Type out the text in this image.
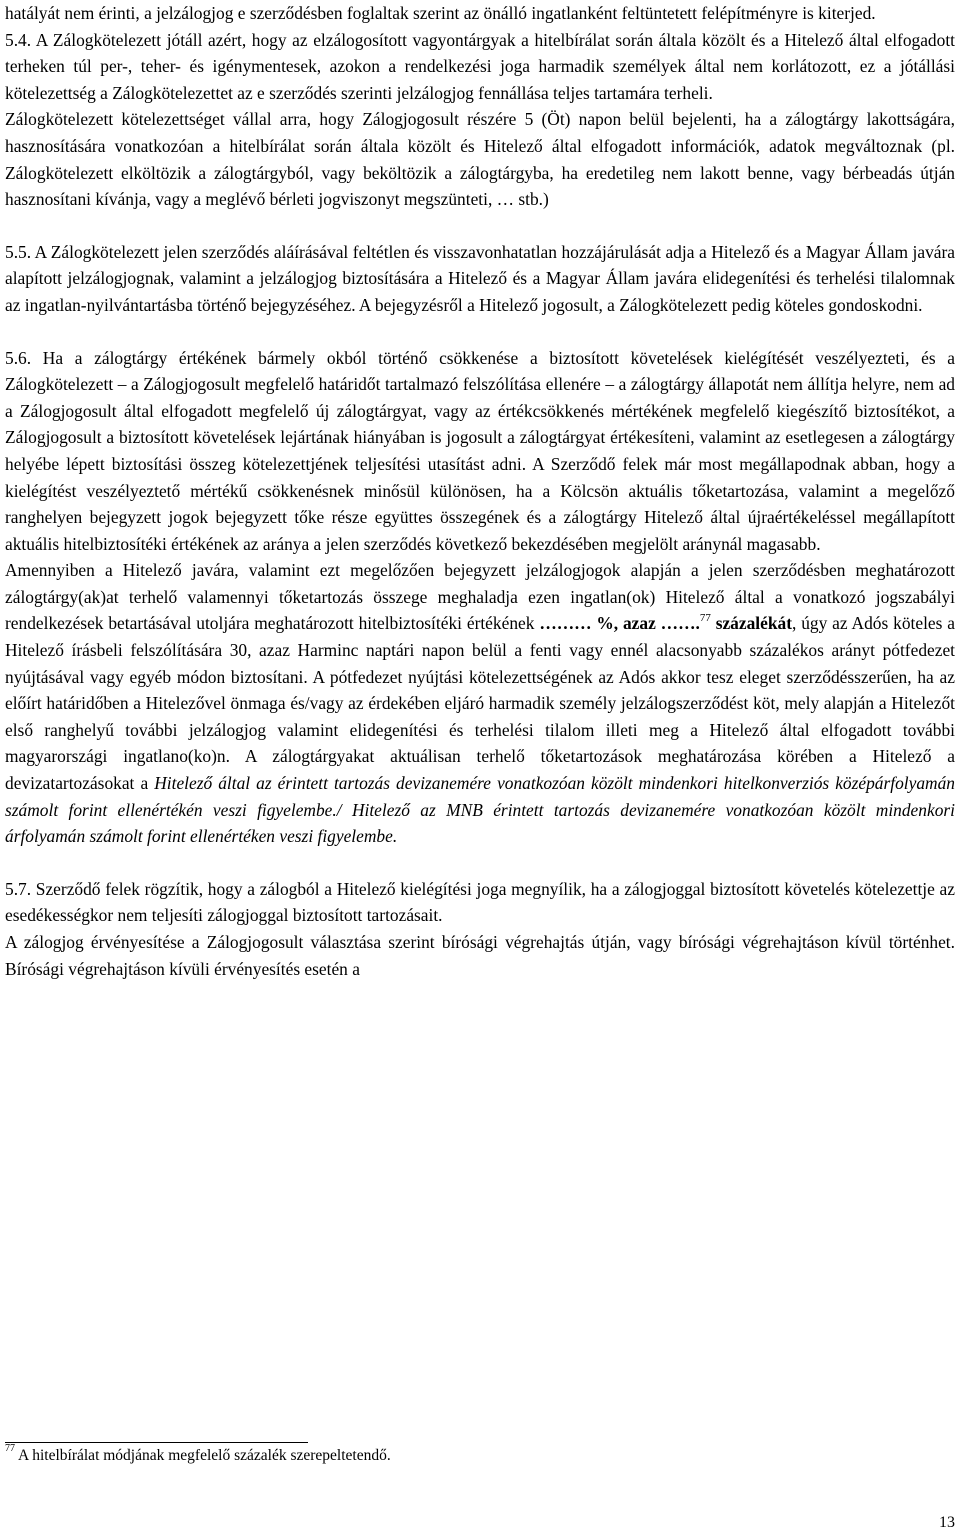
hatályát nem érinti, a jelzálogjog e szerződésben foglaltak szerint az önálló ingatlanként feltüntetett felépítményre is kiterjed.

5.4. A Zálogkötelezett jótáll azért, hogy az elzálogosított vagyontárgyak a hitelbírálat során általa közölt és a Hitelező által elfogadott terheken túl per-, teher- és igénymentesek, azokon a rendelkezési joga harmadik személyek által nem korlátozott, ez a jótállási kötelezettség a Zálogkötelezettet az e szerződés szerinti jelzálogjog fennállása teljes tartamára terheli.

Zálogkötelezett kötelezettséget vállal arra, hogy Zálogjogosult részére 5 (Öt) napon belül bejelenti, ha a zálogtárgy lakottságára, hasznosítására vonatkozóan a hitelbírálat során általa közölt és Hitelező által elfogadott információk, adatok megváltoznak (pl. Zálogkötelezett elköltözik a zálogtárgyból, vagy beköltözik a zálogtárgyba, ha eredetileg nem lakott benne, vagy bérbeadás útján hasznosítani kívánja, vagy a meglévő bérleti jogviszonyt megszünteti, … stb.)

5.5. A Zálogkötelezett jelen szerződés aláírásával feltétlen és visszavonhatatlan hozzájárulását adja a Hitelező és a Magyar Állam javára alapított jelzálogjognak, valamint a jelzálogjog biztosítására a Hitelező és a Magyar Állam javára elidegenítési és terhelési tilalomnak az ingatlan-nyilvántartásba történő bejegyzéséhez. A bejegyzésről a Hitelező jogosult, a Zálogkötelezett pedig köteles gondoskodni.

5.6. Ha a zálogtárgy értékének bármely okból történő csökkenése a biztosított követelések kielégítését veszélyezteti, és a Zálogkötelezett – a Zálogjogosult megfelelő határidőt tartalmazó felszólítása ellenére – a zálogtárgy állapotát nem állítja helyre, nem ad a Zálogjogosult által elfogadott megfelelő új zálogtárgyat, vagy az értékcsökkenés mértékének megfelelő kiegészítő biztosítékot, a Zálogjogosult a biztosított követelések lejártának hiányában is jogosult a zálogtárgyat értékesíteni, valamint az esetlegesen a zálogtárgy helyébe lépett biztosítási összeg kötelezettjének teljesítési utasítást adni. A Szerződő felek már most megállapodnak abban, hogy a kielégítést veszélyeztető mértékű csökkenésnek minősül különösen, ha a Kölcsön aktuális tőketartozása, valamint a megelőző ranghelyen bejegyzett jogok bejegyzett tőke része együttes összegének és a zálogtárgy Hitelező által újraértékeléssel megállapított aktuális hitelbiztosítéki értékének az aránya a jelen szerződés következő bekezdésében megjelölt aránynál magasabb.

Amennyiben a Hitelező javára, valamint ezt megelőzően bejegyzett jelzálogjogok alapján a jelen szerződésben meghatározott zálogtárgy(ak)at terhelő valamennyi tőketartozás összege meghaladja ezen ingatlan(ok) Hitelező által a vonatkozó jogszabályi rendelkezések betartásával utoljára meghatározott hitelbiztosítéki értékének ……… %, azaz …….$^{77}$ százalékát, úgy az Adós köteles a Hitelező írásbeli felszólítására 30, azaz Harminc naptári napon belül a fenti vagy ennél alacsonyabb százalékos arányt pótfedezet nyújtásával vagy egyéb módon biztosítani. A pótfedezet nyújtási kötelezettségének az Adós akkor tesz eleget szerződésszerűen, ha az előírt határidőben a Hitelezővel önmaga és/vagy az érdekében eljáró harmadik személy jelzálogszerződést köt, mely alapján a Hitelezőt első ranghelyű további jelzálogjog valamint elidegenítési és terhelési tilalom illeti meg a Hitelező által elfogadott további magyarországi ingatlano(ko)n. A zálogtárgyakat aktuálisan terhelő tőketartozások meghatározása körében a Hitelező a devizatartozásokat a Hitelező által az érintett tartozás devizanemére vonatkozóan közölt mindenkori hitelkonverziós középárfolyamán számolt forint ellenértékén veszi figyelembe./ Hitelező az MNB érintett tartozás devizanemére vonatkozóan közölt mindenkori árfolyamán számolt forint ellenértéken veszi figyelembe.

5.7. Szerződő felek rögzítik, hogy a zálogból a Hitelező kielégítési joga megnyílik, ha a zálogjoggal biztosított követelés kötelezettje az esedékességkor nem teljesíti zálogjoggal biztosított tartozásait.

A zálogjog érvényesítése a Zálogjogosult választása szerint bírósági végrehajtás útján, vagy bírósági végrehajtáson kívül történhet. Bírósági végrehajtáson kívüli érvényesítés esetén a

$^{77}$ A hitelbírálat módjának megfelelő százalék szerepeltetendő.
13
